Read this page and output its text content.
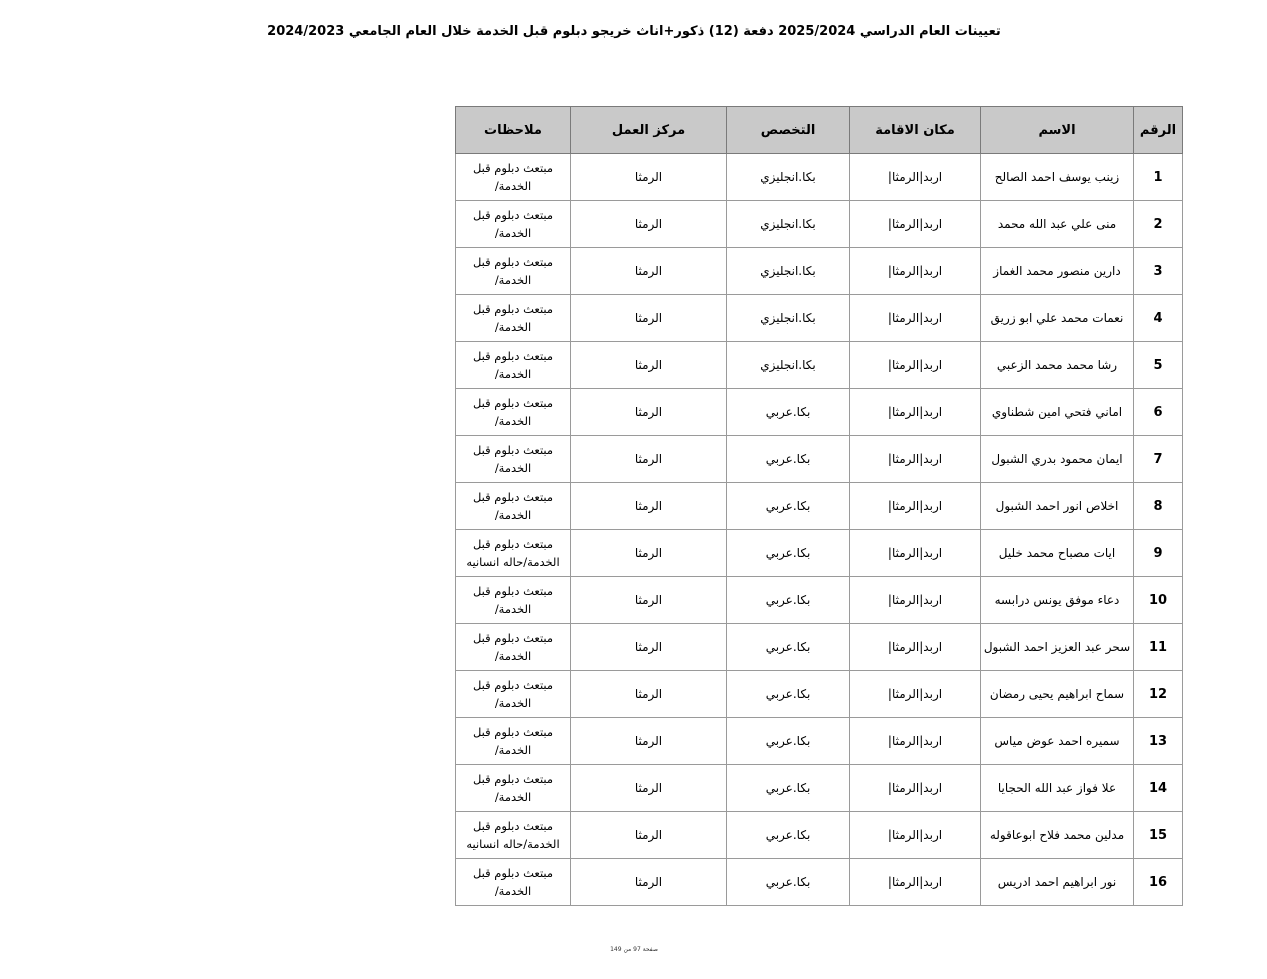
تعيينات العام الدراسي 2025/2024 دفعة (12) ذكور+اناث خريجو دبلوم قبل الخدمة خلال العام الجامعي 2024/2023
الرقم	الاسم	مكان الاقامة	التخصص	مركز العمل	ملاحظات
1	زينب يوسف احمد الصالح	اربد|الرمثا|	بكا.انجليزي	الرمثا	مبتعث دبلوم قبل الخدمة/
2	منى علي عبد الله محمد	اربد|الرمثا|	بكا.انجليزي	الرمثا	مبتعث دبلوم قبل الخدمة/
3	دارين منصور محمد الغماز	اربد|الرمثا|	بكا.انجليزي	الرمثا	مبتعث دبلوم قبل الخدمة/
4	نعمات محمد علي ابو زريق	اربد|الرمثا|	بكا.انجليزي	الرمثا	مبتعث دبلوم قبل الخدمة/
5	رشا محمد محمد الزعبي	اربد|الرمثا|	بكا.انجليزي	الرمثا	مبتعث دبلوم قبل الخدمة/
6	اماني فتحي امين شطناوي	اربد|الرمثا|	بكا.عربي	الرمثا	مبتعث دبلوم قبل الخدمة/
7	ايمان محمود بدري الشبول	اربد|الرمثا|	بكا.عربي	الرمثا	مبتعث دبلوم قبل الخدمة/
8	اخلاص انور احمد الشبول	اربد|الرمثا|	بكا.عربي	الرمثا	مبتعث دبلوم قبل الخدمة/
9	ايات مصباح محمد خليل	اربد|الرمثا|	بكا.عربي	الرمثا	مبتعث دبلوم قبل الخدمة/حاله انسانيه
10	دعاء موفق يونس درابسه	اربد|الرمثا|	بكا.عربي	الرمثا	مبتعث دبلوم قبل الخدمة/
11	سحر عبد العزيز احمد الشبول	اربد|الرمثا|	بكا.عربي	الرمثا	مبتعث دبلوم قبل الخدمة/
12	سماح ابراهيم يحيى رمضان	اربد|الرمثا|	بكا.عربي	الرمثا	مبتعث دبلوم قبل الخدمة/
13	سميره احمد عوض مياس	اربد|الرمثا|	بكا.عربي	الرمثا	مبتعث دبلوم قبل الخدمة/
14	علا فواز عبد الله الحجايا	اربد|الرمثا|	بكا.عربي	الرمثا	مبتعث دبلوم قبل الخدمة/
15	مدلين محمد فلاح ابوعاقوله	اربد|الرمثا|	بكا.عربي	الرمثا	مبتعث دبلوم قبل الخدمة/حاله انسانيه
16	نور ابراهيم احمد ادريس	اربد|الرمثا|	بكا.عربي	الرمثا	مبتعث دبلوم قبل الخدمة/
صفحة 97 من 149
